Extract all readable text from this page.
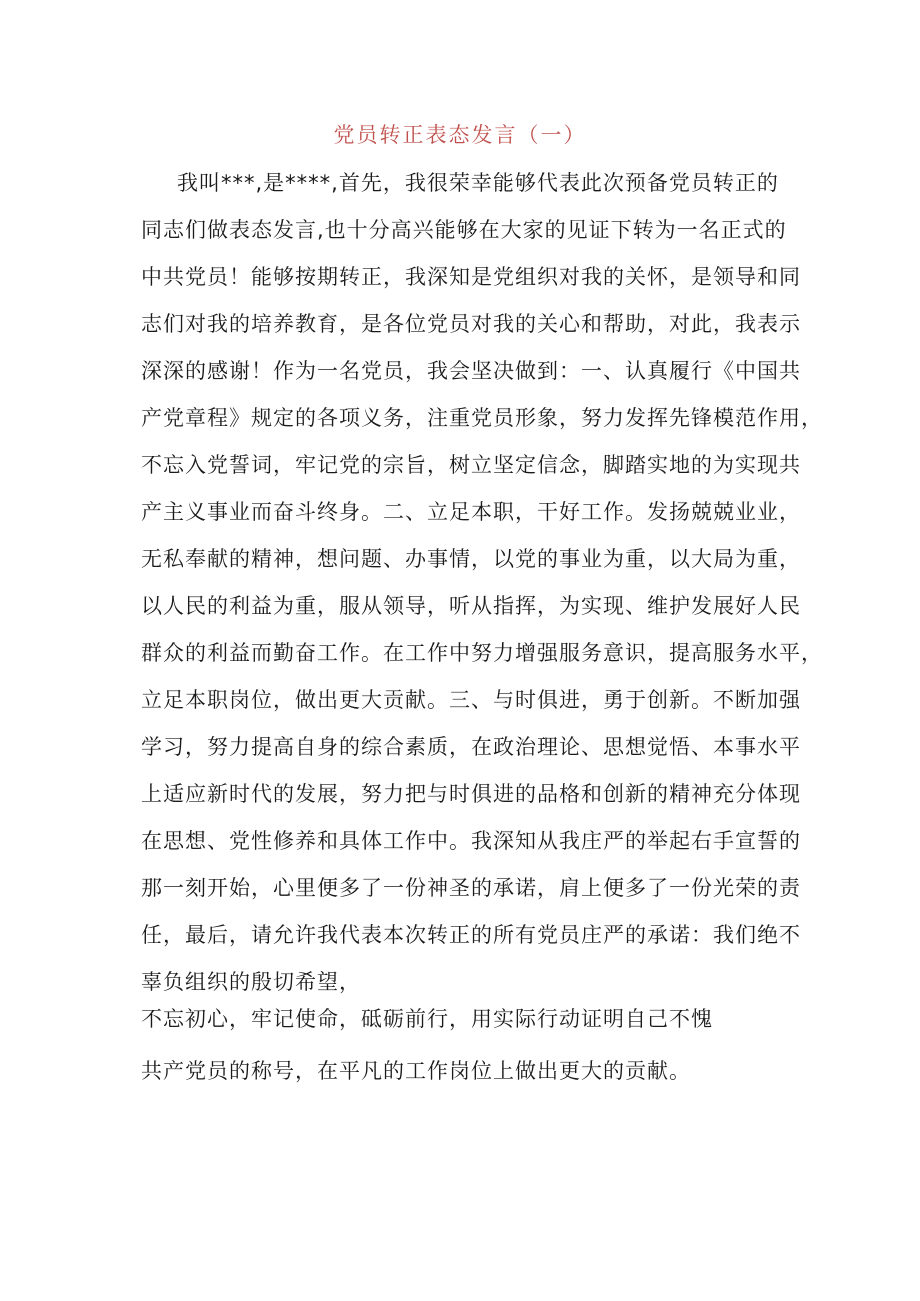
党员转正表态发言（一）
我叫***,是****,首先，我很荣幸能够代表此次预备党员转正的
同志们做表态发言,也十分高兴能够在大家的见证下转为一名正式的
中共党员！能够按期转正，我深知是党组织对我的关怀，是领导和同
志们对我的培养教育，是各位党员对我的关心和帮助，对此，我表示
深深的感谢！作为一名党员，我会坚决做到：一、认真履行《中国共
产党章程》规定的各项义务，注重党员形象，努力发挥先锋模范作用，
不忘入党誓词，牢记党的宗旨，树立坚定信念，脚踏实地的为实现共
产主义事业而奋斗终身。二、立足本职，干好工作。发扬兢兢业业，
无私奉献的精神，想问题、办事情，以党的事业为重，以大局为重，
以人民的利益为重，服从领导，听从指挥，为实现、维护发展好人民
群众的利益而勤奋工作。在工作中努力增强服务意识，提高服务水平，
立足本职岗位，做出更大贡献。三、与时俱进，勇于创新。不断加强
学习，努力提高自身的综合素质，在政治理论、思想觉悟、本事水平
上适应新时代的发展，努力把与时俱进的品格和创新的精神充分体现
在思想、党性修养和具体工作中。我深知从我庄严的举起右手宣誓的
那一刻开始，心里便多了一份神圣的承诺，肩上便多了一份光荣的责
任，最后，请允许我代表本次转正的所有党员庄严的承诺：我们绝不
辜负组织的殷切希望，
不忘初心，牢记使命，砥砺前行，用实际行动证明自己不愧
共产党员的称号，在平凡的工作岗位上做出更大的贡献。
